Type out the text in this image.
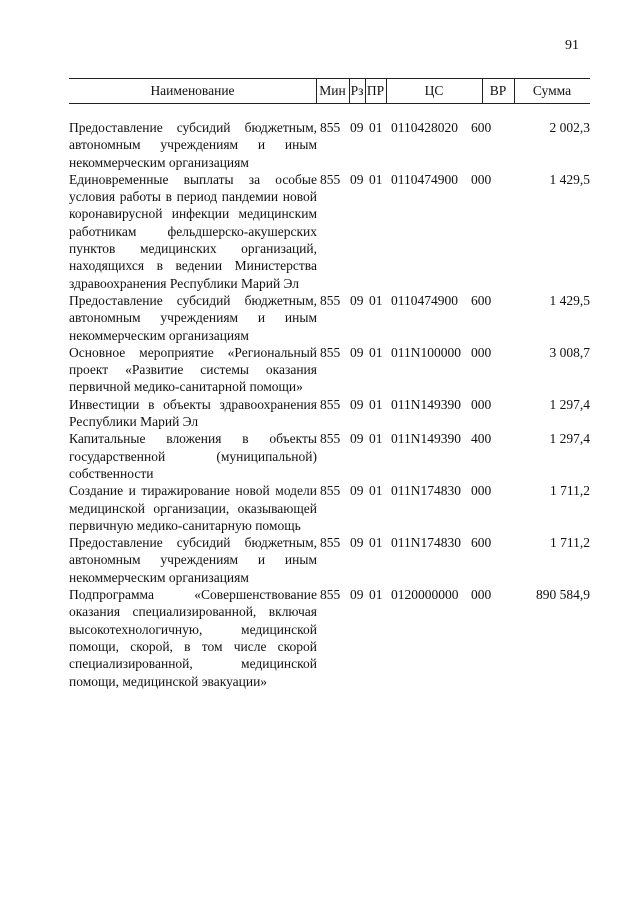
91
Наименование	Мин Рз ПР	ЦС	ВР	Сумма
Предоставление субсидий бюджетным, автономным учреждениям и иным некоммерческим организациям
855 09 01 0110428020 600	2 002,3
Единовременные выплаты за особые условия работы в период пандемии новой коронавирусной инфекции медицинским работникам фельдшерско-акушерских пунктов медицинских организаций, находящихся в ведении Министерства здравоохранения Республики Марий Эл
855 09 01 0110474900 000	1 429,5
Предоставление субсидий бюджетным, автономным учреждениям и иным некоммерческим организациям
855 09 01 0110474900 600	1 429,5
Основное мероприятие «Региональный проект «Развитие системы оказания первичной медико-санитарной помощи»
855 09 01 011N100000 000	3 008,7
Инвестиции в объекты здравоохранения Республики Марий Эл
855 09 01 011N149390 000	1 297,4
Капитальные вложения в объекты государственной (муниципальной) собственности
855 09 01 011N149390 400	1 297,4
Создание и тиражирование новой модели медицинской организации, оказывающей первичную медико-санитарную помощь
855 09 01 011N174830 000	1 711,2
Предоставление субсидий бюджетным, автономным учреждениям и иным некоммерческим организациям
855 09 01 011N174830 600	1 711,2
Подпрограмма «Совершенствование оказания специализированной, включая высокотехнологичную, медицинской помощи, скорой, в том числе скорой специализированной, медицинской помощи, медицинской эвакуации»
855 09 01 0120000000 000	890 584,9
